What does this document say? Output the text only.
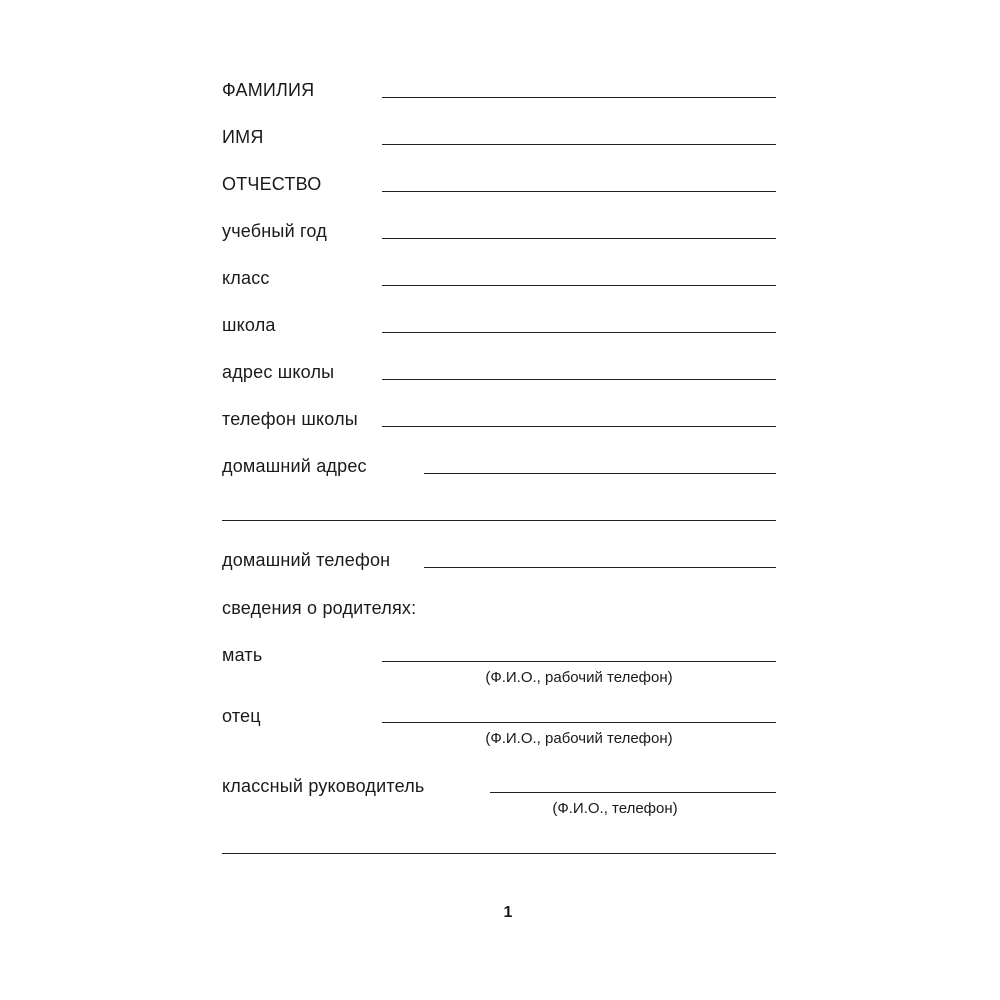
ФАМИЛИЯ
ИМЯ
ОТЧЕСТВО
учебный год
класс
школа
адрес школы
телефон школы
домашний адрес
домашний телефон
сведения о родителях:
мать
(Ф.И.О., рабочий телефон)
отец
(Ф.И.О., рабочий телефон)
классный руководитель
(Ф.И.О., телефон)
1
